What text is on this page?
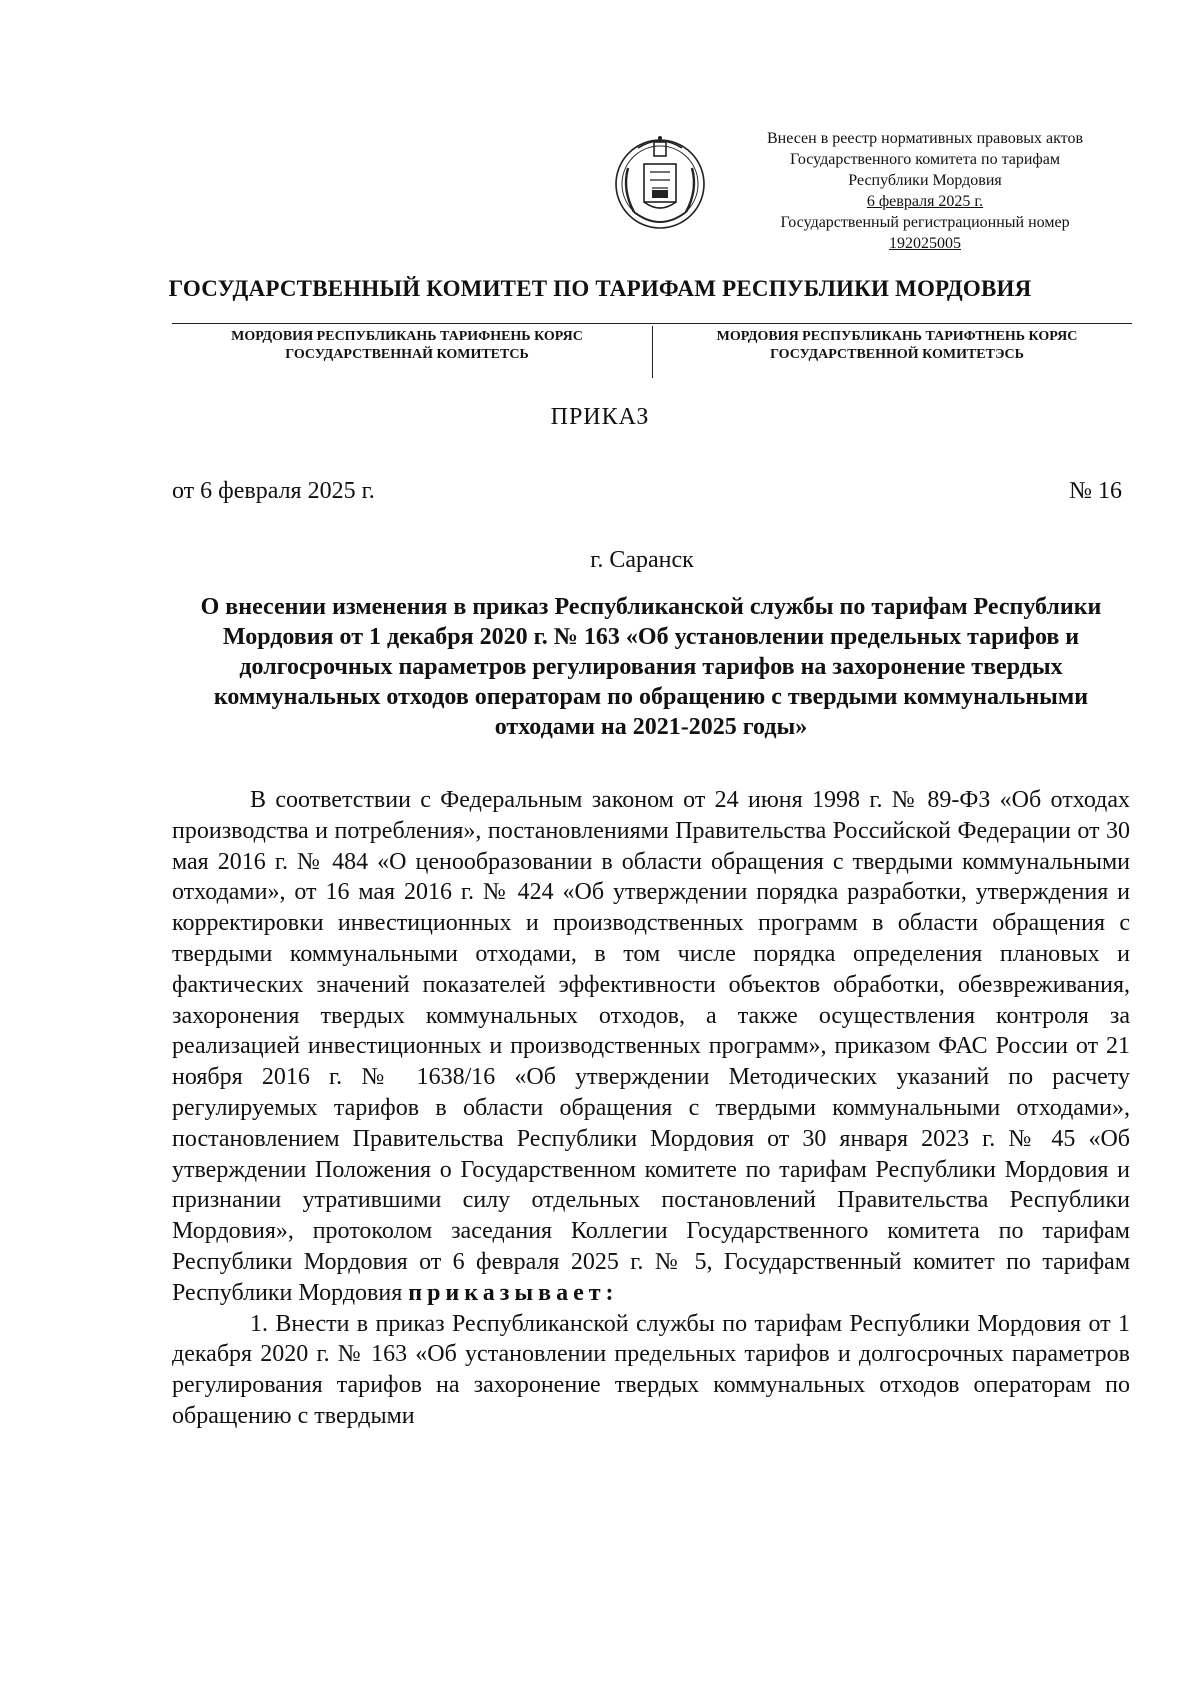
Внесен в реестр нормативных правовых актов
Государственного комитета по тарифам
Республики Мордовия
6 февраля 2025 г.
Государственный регистрационный номер
192025005
ГОСУДАРСТВЕННЫЙ КОМИТЕТ ПО ТАРИФАМ РЕСПУБЛИКИ МОРДОВИЯ
МОРДОВИЯ РЕСПУБЛИКАНЬ ТАРИФНЕНЬ КОРЯС
ГОСУДАРСТВЕННАЙ КОМИТЕТСЬ
МОРДОВИЯ РЕСПУБЛИКАНЬ ТАРИФТНЕНЬ КОРЯС
ГОСУДАРСТВЕННОЙ КОМИТЕТЭСЬ
ПРИКАЗ
от 6 февраля 2025 г.	№ 16
г. Саранск
О внесении изменения в приказ Республиканской службы по тарифам Республики Мордовия от 1 декабря 2020 г. № 163 «Об установлении предельных тарифов и долгосрочных параметров регулирования тарифов на захоронение твердых коммунальных отходов операторам по обращению с твердыми коммунальными отходами на 2021-2025 годы»

В соответствии с Федеральным законом от 24 июня 1998 г. № 89-ФЗ «Об отходах производства и потребления», постановлениями Правительства Российской Федерации от 30 мая 2016 г. № 484 «О ценообразовании в области обращения с твердыми коммунальными отходами», от 16 мая 2016 г. № 424 «Об утверждении порядка разработки, утверждения и корректировки инвестиционных и производственных программ в области обращения с твердыми коммунальными отходами, в том числе порядка определения плановых и фактических значений показателей эффективности объектов обработки, обезвреживания, захоронения твердых коммунальных отходов, а также осуществления контроля за реализацией инвестиционных и производственных программ», приказом ФАС России от 21 ноября 2016 г. № 1638/16 «Об утверждении Методических указаний по расчету регулируемых тарифов в области обращения с твердыми коммунальными отходами», постановлением Правительства Республики Мордовия от 30 января 2023 г. № 45 «Об утверждении Положения о Государственном комитете по тарифам Республики Мордовия и признании утратившими силу отдельных постановлений Правительства Республики Мордовия», протоколом заседания Коллегии Государственного комитета по тарифам Республики Мордовия от 6 февраля 2025 г. № 5, Государственный комитет по тарифам Республики Мордовия приказывает:

1. Внести в приказ Республиканской службы по тарифам Республики Мордовия от 1 декабря 2020 г. № 163 «Об установлении предельных тарифов и долгосрочных параметров регулирования тарифов на захоронение твердых коммунальных отходов операторам по обращению с твердыми
